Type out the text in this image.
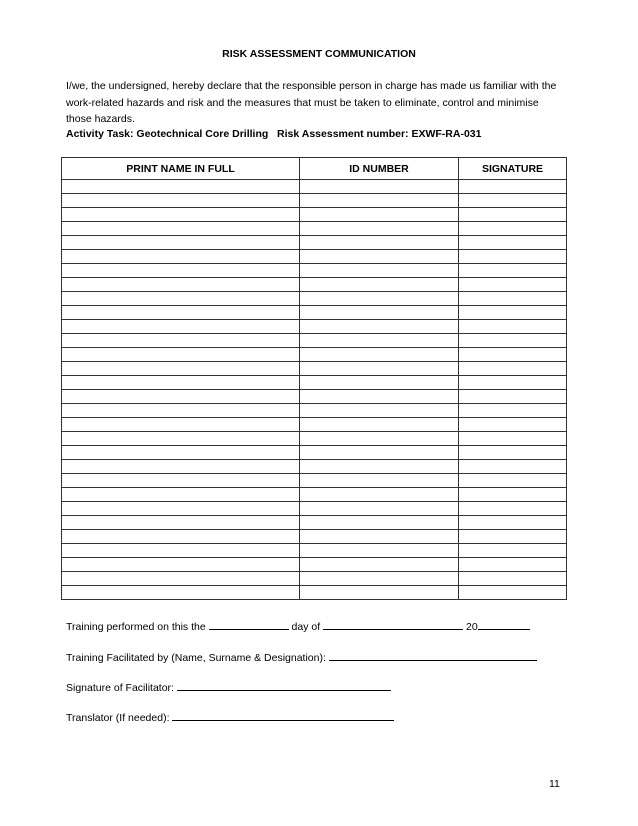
RISK ASSESSMENT COMMUNICATION

I/we, the undersigned, hereby declare that the responsible person in charge has made us familiar with the work-related hazards and risk and the measures that must be taken to eliminate, control and minimise those hazards.

Activity Task: Geotechnical Core Drilling Risk Assessment number: EXWF-RA-031
PRINT NAME IN FULL	ID NUMBER	SIGNATURE

Training performed on this the	day of	20
Training Facilitated by (Name, Surname & Designation):
Signature of Facilitator:
Translator (If needed):
11
